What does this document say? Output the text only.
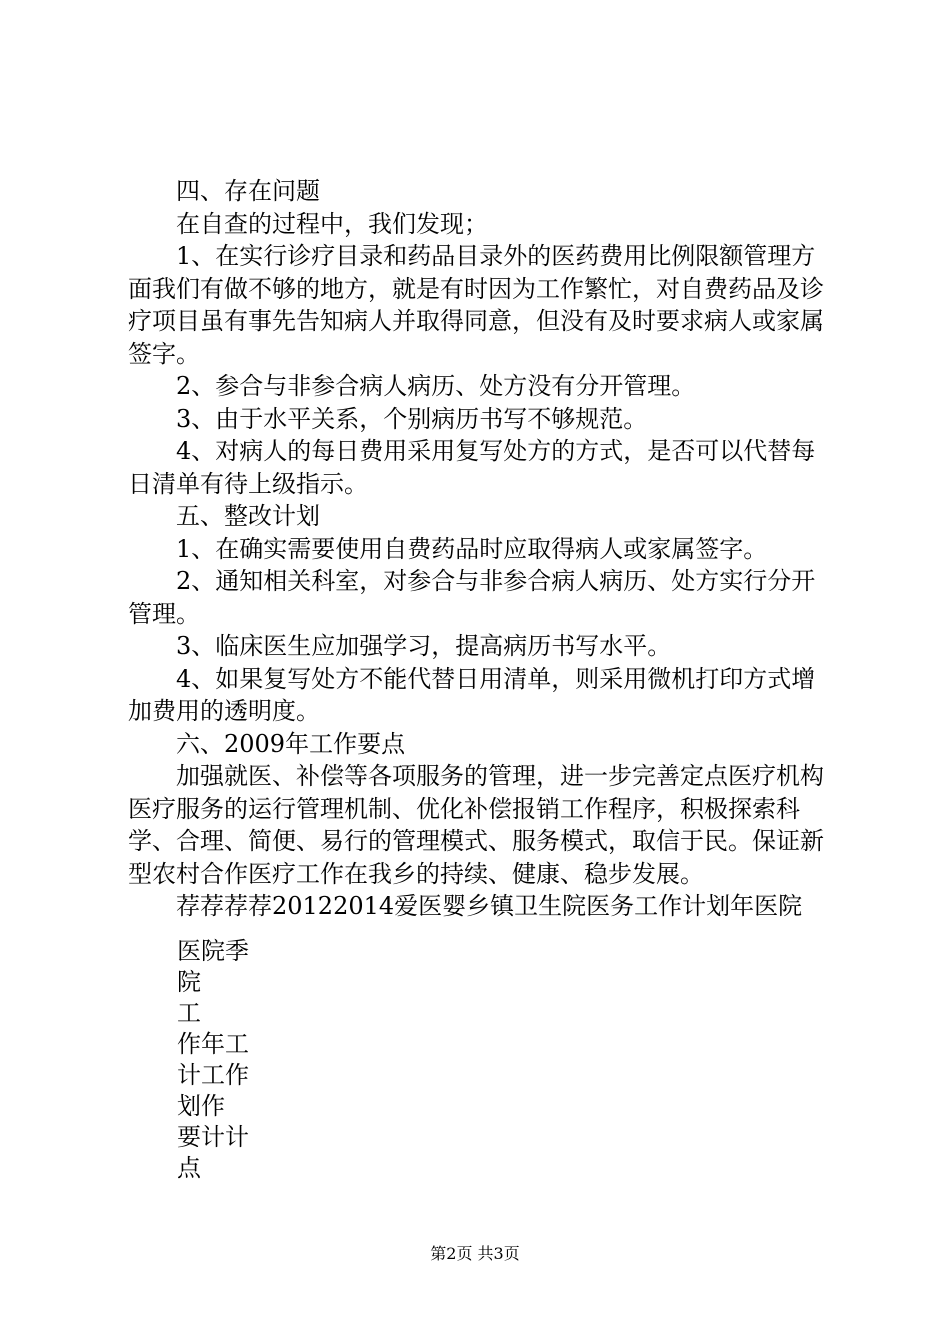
四、存在问题

在自查的过程中，我们发现；

1、在实行诊疗目录和药品目录外的医药费用比例限额管理方面我们有做不够的地方，就是有时因为工作繁忙，对自费药品及诊疗项目虽有事先告知病人并取得同意，但没有及时要求病人或家属签字。

2、参合与非参合病人病历、处方没有分开管理。

3、由于水平关系，个别病历书写不够规范。

4、对病人的每日费用采用复写处方的方式，是否可以代替每日清单有待上级指示。

五、整改计划

1、在确实需要使用自费药品时应取得病人或家属签字。

2、通知相关科室，对参合与非参合病人病历、处方实行分开管理。

3、临床医生应加强学习，提高病历书写水平。

4、如果复写处方不能代替日用清单，则采用微机打印方式增加费用的透明度。

六、2009年工作要点

加强就医、补偿等各项服务的管理，进一步完善定点医疗机构医疗服务的运行管理机制、优化补偿报销工作程序，积极探索科学、合理、简便、易行的管理模式、服务模式，取信于民。保证新型农村合作医疗工作在我乡的持续、健康、稳步发展。

荐荐荐荐20122014爱医婴乡镇卫生院医务工作计划年医院

医院季
院
工
作年工
计工作
划作
要计计
点
第2页 共3页
